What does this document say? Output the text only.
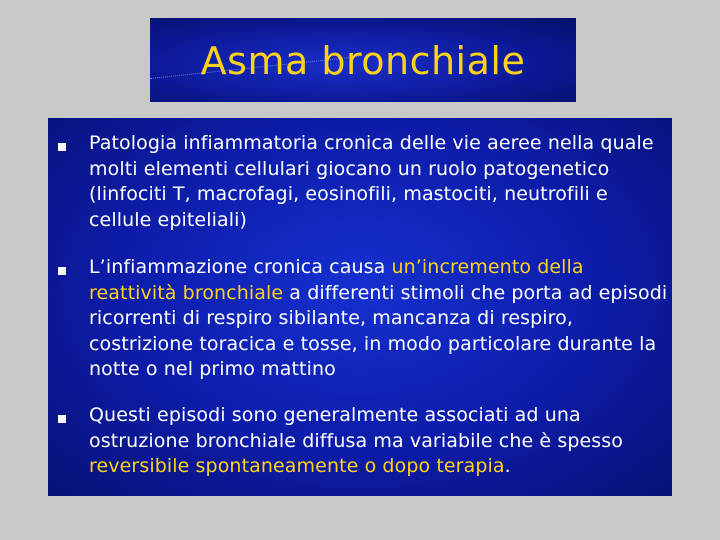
Asma bronchiale
Patologia infiammatoria cronica delle vie aeree nella quale molti elementi cellulari giocano un ruolo patogenetico (linfociti T, macrofagi, eosinofili, mastociti, neutrofili e cellule epiteliali)
L’infiammazione cronica causa un’incremento della reattività bronchiale a differenti stimoli che porta ad episodi ricorrenti di respiro sibilante, mancanza di respiro, costrizione toracica e tosse, in modo particolare durante la notte o nel primo mattino
Questi episodi sono generalmente associati ad una ostruzione bronchiale diffusa ma variabile che è spesso reversibile spontaneamente o dopo terapia.
